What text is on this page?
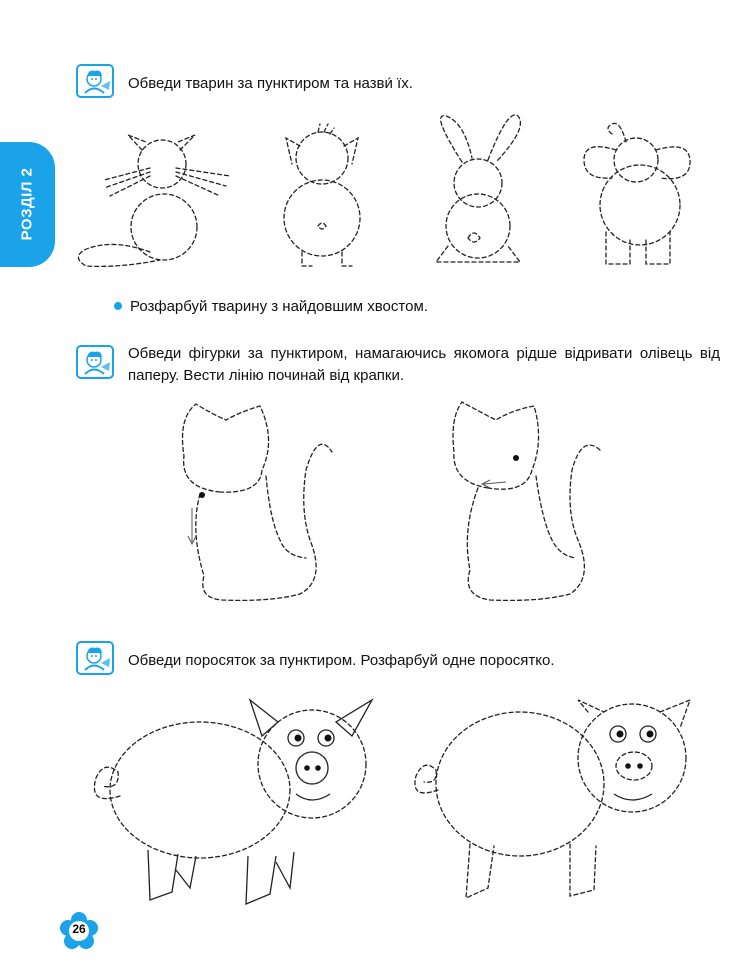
РОЗДІЛ 2
Обведи тварин за пунктиром та назви́ їх.
Розфарбуй тварину з найдовшим хвостом.
Обведи фігурки за пунктиром, намагаючись якомога рідше відривати олівець від паперу. Вести лінію починай від крапки.
Обведи поросяток за пунктиром. Розфарбуй одне поросятко.
26
